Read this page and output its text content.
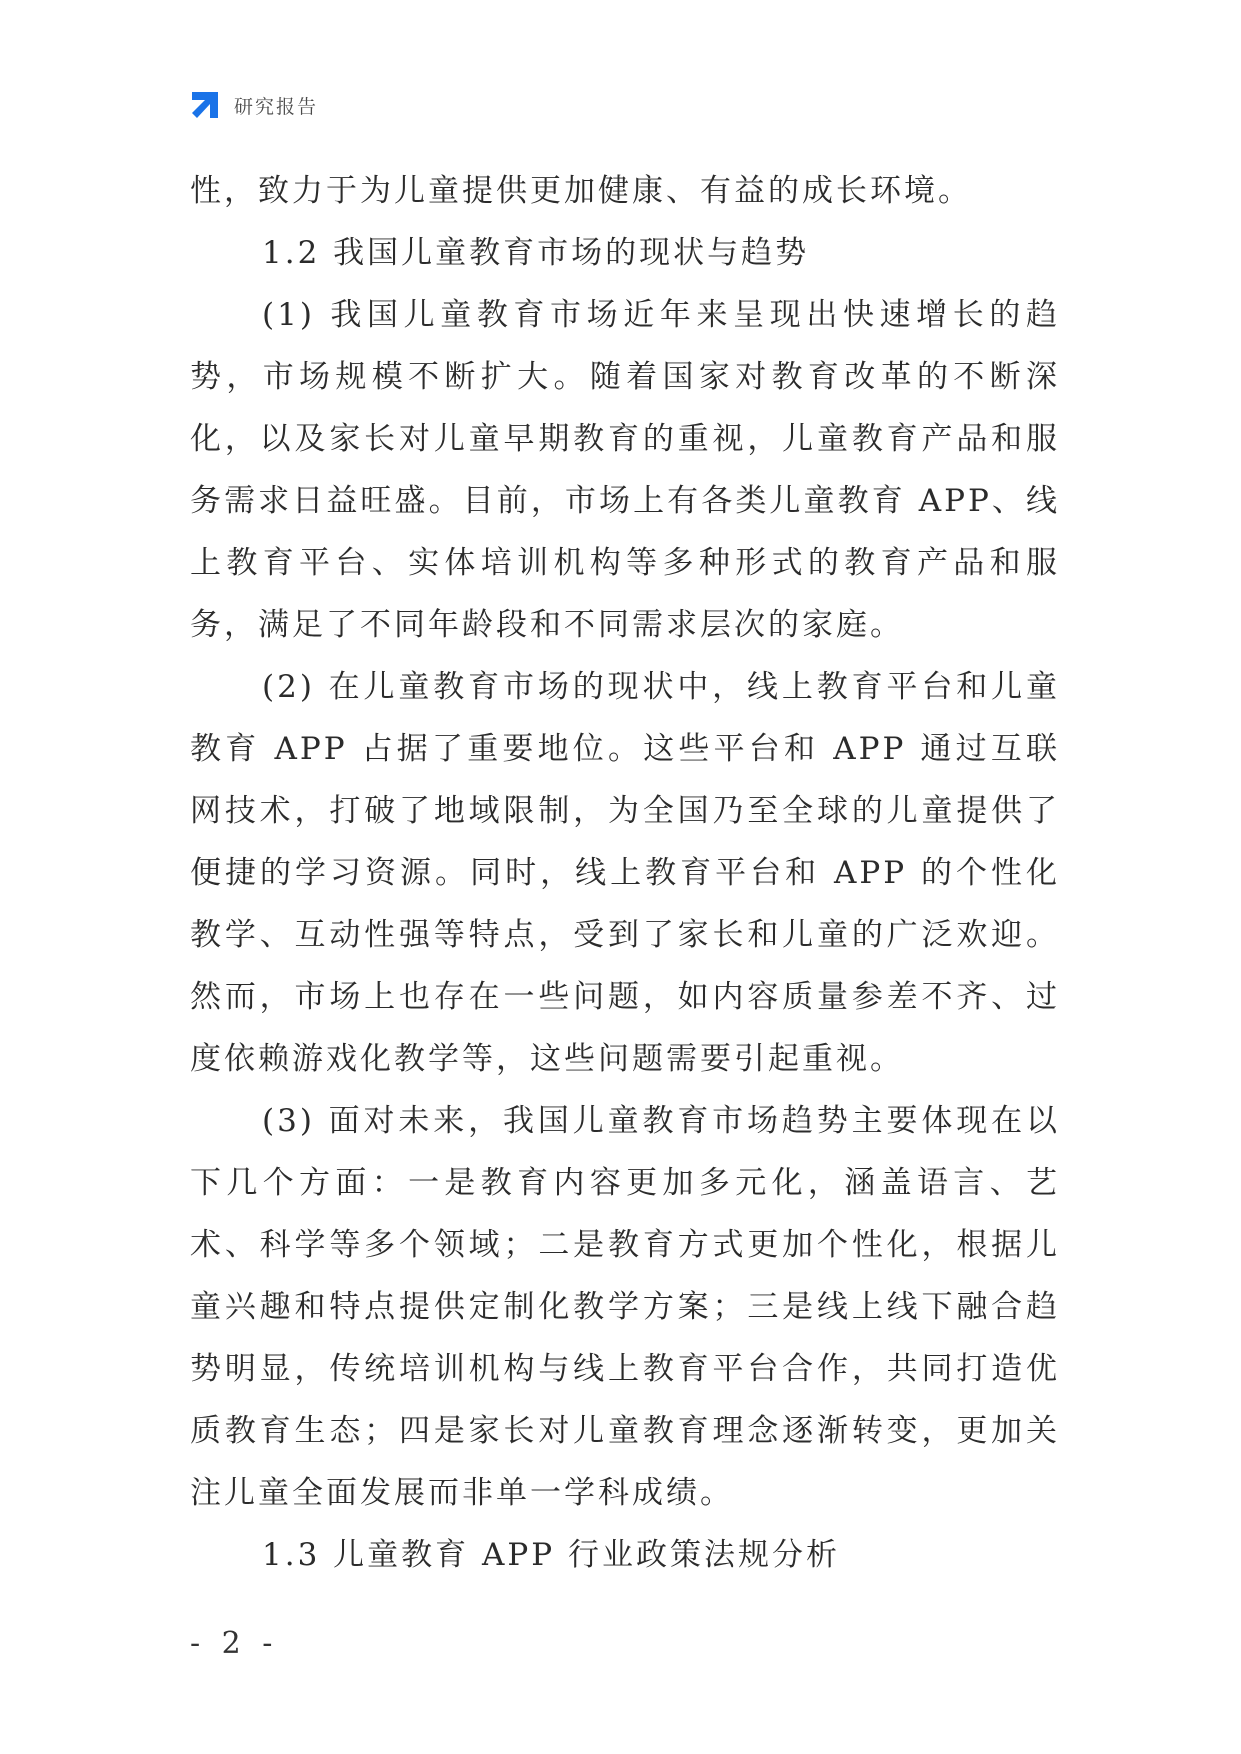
研究报告

性，致力于为儿童提供更加健康、有益的成长环境。

1.2 我国儿童教育市场的现状与趋势

(1) 我国儿童教育市场近年来呈现出快速增长的趋势，市场规模不断扩大。随着国家对教育改革的不断深化，以及家长对儿童早期教育的重视，儿童教育产品和服务需求日益旺盛。目前，市场上有各类儿童教育 APP、线上教育平台、实体培训机构等多种形式的教育产品和服务，满足了不同年龄段和不同需求层次的家庭。

(2) 在儿童教育市场的现状中，线上教育平台和儿童教育 APP 占据了重要地位。这些平台和 APP 通过互联网技术，打破了地域限制，为全国乃至全球的儿童提供了便捷的学习资源。同时，线上教育平台和 APP 的个性化教学、互动性强等特点，受到了家长和儿童的广泛欢迎。然而，市场上也存在一些问题，如内容质量参差不齐、过度依赖游戏化教学等，这些问题需要引起重视。

(3) 面对未来，我国儿童教育市场趋势主要体现在以下几个方面：一是教育内容更加多元化，涵盖语言、艺术、科学等多个领域；二是教育方式更加个性化，根据儿童兴趣和特点提供定制化教学方案；三是线上线下融合趋势明显，传统培训机构与线上教育平台合作，共同打造优质教育生态；四是家长对儿童教育理念逐渐转变，更加关注儿童全面发展而非单一学科成绩。

1.3 儿童教育 APP 行业政策法规分析

- 2 -
